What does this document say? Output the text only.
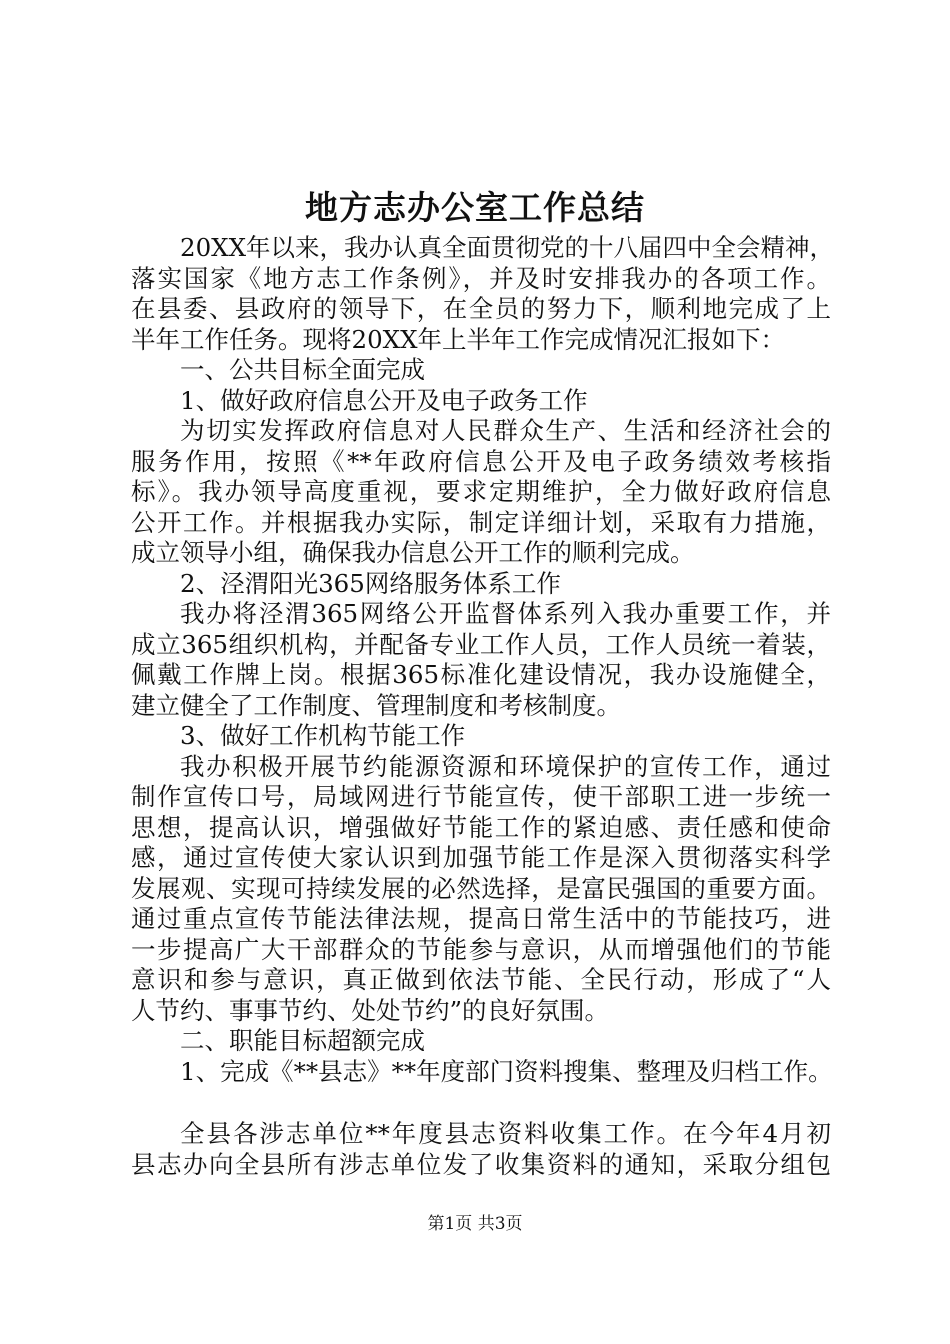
地方志办公室工作总结
20XX年以来，我办认真全面贯彻党的十八届四中全会精神，
落实国家《地方志工作条例》，并及时安排我办的各项工作。
在县委、县政府的领导下，在全员的努力下，顺利地完成了上
半年工作任务。现将20XX年上半年工作完成情况汇报如下：
一、公共目标全面完成
1、做好政府信息公开及电子政务工作
为切实发挥政府信息对人民群众生产、生活和经济社会的
服务作用，按照《**年政府信息公开及电子政务绩效考核指
标》。我办领导高度重视，要求定期维护，全力做好政府信息
公开工作。并根据我办实际，制定详细计划，采取有力措施，
成立领导小组，确保我办信息公开工作的顺利完成。
2、泾渭阳光365网络服务体系工作
我办将泾渭365网络公开监督体系列入我办重要工作，并
成立365组织机构，并配备专业工作人员，工作人员统一着装，
佩戴工作牌上岗。根据365标准化建设情况，我办设施健全，
建立健全了工作制度、管理制度和考核制度。
3、做好工作机构节能工作
我办积极开展节约能源资源和环境保护的宣传工作，通过
制作宣传口号，局域网进行节能宣传，使干部职工进一步统一
思想，提高认识，增强做好节能工作的紧迫感、责任感和使命
感，通过宣传使大家认识到加强节能工作是深入贯彻落实科学
发展观、实现可持续发展的必然选择，是富民强国的重要方面。
通过重点宣传节能法律法规，提高日常生活中的节能技巧，进
一步提高广大干部群众的节能参与意识，从而增强他们的节能
意识和参与意识，真正做到依法节能、全民行动，形成了“人
人节约、事事节约、处处节约”的良好氛围。
二、职能目标超额完成
1、完成《**县志》**年度部门资料搜集、整理及归档工作。
全县各涉志单位**年度县志资料收集工作。在今年4月初
县志办向全县所有涉志单位发了收集资料的通知，采取分组包
第1页 共3页
